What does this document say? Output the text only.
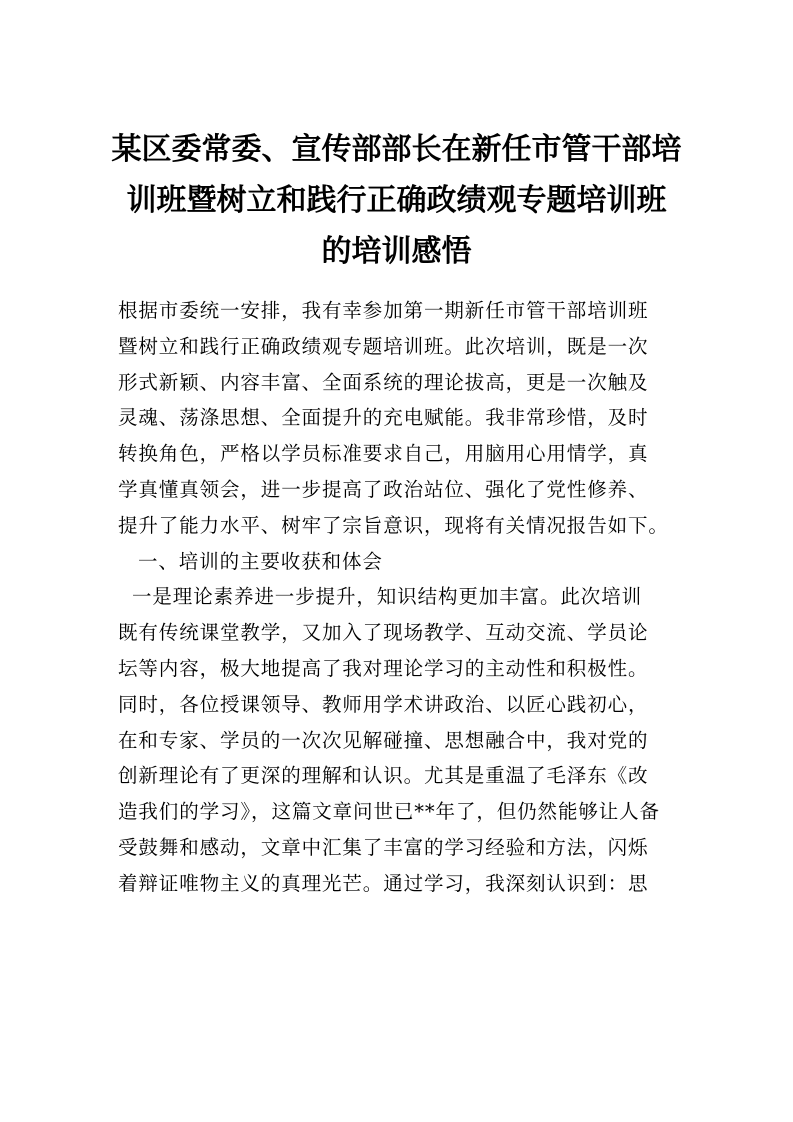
某区委常委、宣传部部长在新任市管干部培
训班暨树立和践行正确政绩观专题培训班
的培训感悟
根据市委统一安排，我有幸参加第一期新任市管干部培训班
暨树立和践行正确政绩观专题培训班。此次培训，既是一次
形式新颖、内容丰富、全面系统的理论拔高，更是一次触及
灵魂、荡涤思想、全面提升的充电赋能。我非常珍惜，及时
转换角色，严格以学员标准要求自己，用脑用心用情学，真
学真懂真领会，进一步提高了政治站位、强化了党性修养、
提升了能力水平、树牢了宗旨意识，现将有关情况报告如下。
一、培训的主要收获和体会
一是理论素养进一步提升，知识结构更加丰富。此次培训
既有传统课堂教学，又加入了现场教学、互动交流、学员论
坛等内容，极大地提高了我对理论学习的主动性和积极性。
同时，各位授课领导、教师用学术讲政治、以匠心践初心，
在和专家、学员的一次次见解碰撞、思想融合中，我对党的
创新理论有了更深的理解和认识。尤其是重温了毛泽东《改
造我们的学习》，这篇文章问世已**年了，但仍然能够让人备
受鼓舞和感动，文章中汇集了丰富的学习经验和方法，闪烁
着辩证唯物主义的真理光芒。通过学习，我深刻认识到：思
